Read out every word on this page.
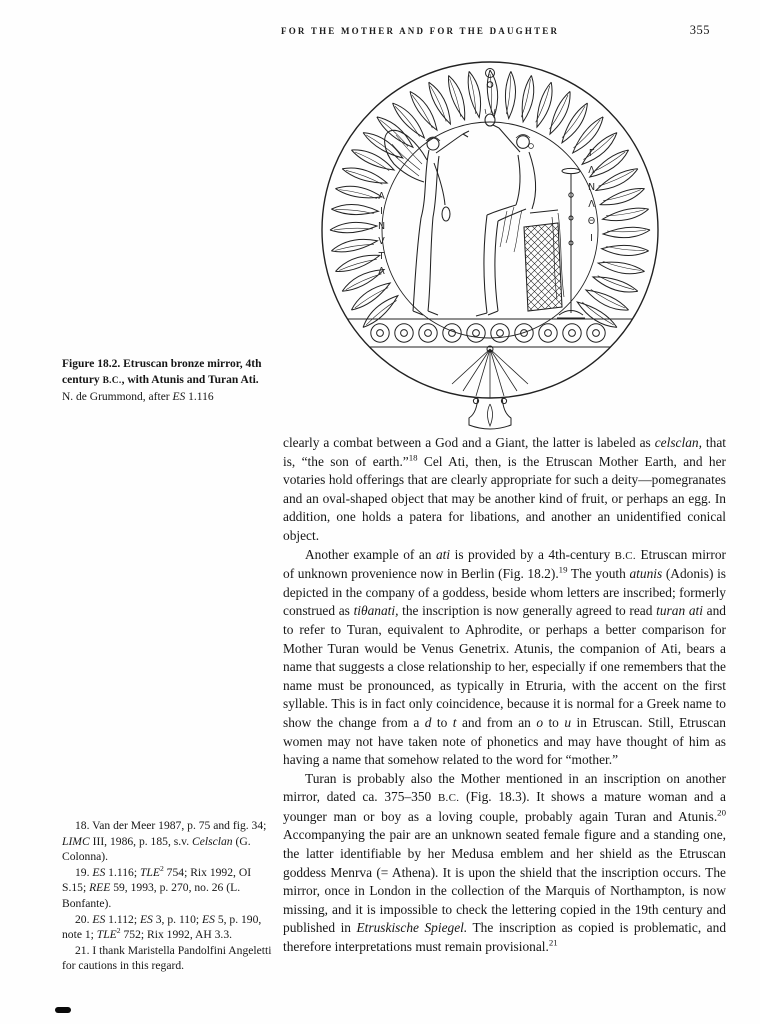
FOR THE MOTHER AND FOR THE DAUGHTER	355
ΛINVTΛ	ΓΛΝΛΘΙ

Figure 18.2. Etruscan bronze mirror, 4th century B.C., with Atunis and Turan Ati. N. de Grummond, after ES 1.116

clearly a combat between a God and a Giant, the latter is labeled as celsclan, that is, “the son of earth.”$^{18}$ Cel Ati, then, is the Etruscan Mother Earth, and her votaries hold offerings that are clearly appropriate for such a deity—pomegranates and an oval-shaped object that may be another kind of fruit, or perhaps an egg. In addition, one holds a patera for libations, and another an unidentified conical object.

Another example of an ati is provided by a 4th-century B.C. Etruscan mirror of unknown provenience now in Berlin (Fig. 18.2).$^{19}$ The youth atunis (Adonis) is depicted in the company of a goddess, beside whom letters are inscribed; formerly construed as tiθanati, the inscription is now generally agreed to read turan ati and to refer to Turan, equivalent to Aphrodite, or perhaps a better comparison for Mother Turan would be Venus Genetrix. Atunis, the companion of Ati, bears a name that suggests a close relationship to her, especially if one remembers that the name must be pronounced, as typically in Etruria, with the accent on the first syllable. This is in fact only coincidence, because it is normal for a Greek name to show the change from a d to t and from an o to u in Etruscan. Still, Etruscan women may not have taken note of phonetics and may have thought of him as having a name that somehow related to the word for “mother.”

Turan is probably also the Mother mentioned in an inscription on another mirror, dated ca. 375–350 B.C. (Fig. 18.3). It shows a mature woman and a younger man or boy as a loving couple, probably again Turan and Atunis.$^{20}$ Accompanying the pair are an unknown seated female figure and a standing one, the latter identifiable by her Medusa emblem and her shield as the Etruscan goddess Menrva (= Athena). It is upon the shield that the inscription occurs. The mirror, once in London in the collection of the Marquis of Northampton, is now missing, and it is impossible to check the lettering copied in the 19th century and published in Etruskische Spiegel. The inscription as copied is problematic, and therefore interpretations must remain provisional.$^{21}$

18. Van der Meer 1987, p. 75 and fig. 34; LIMC III, 1986, p. 185, s.v. Celsclan (G. Colonna).

19. ES 1.116; TLE$^2$ 754; Rix 1992, OI S.15; REE 59, 1993, p. 270, no. 26 (L. Bonfante).

20. ES 1.112; ES 3, p. 110; ES 5, p. 190, note 1; TLE$^2$ 752; Rix 1992, AH 3.3.

21. I thank Maristella Pandolfini Angeletti for cautions in this regard.
